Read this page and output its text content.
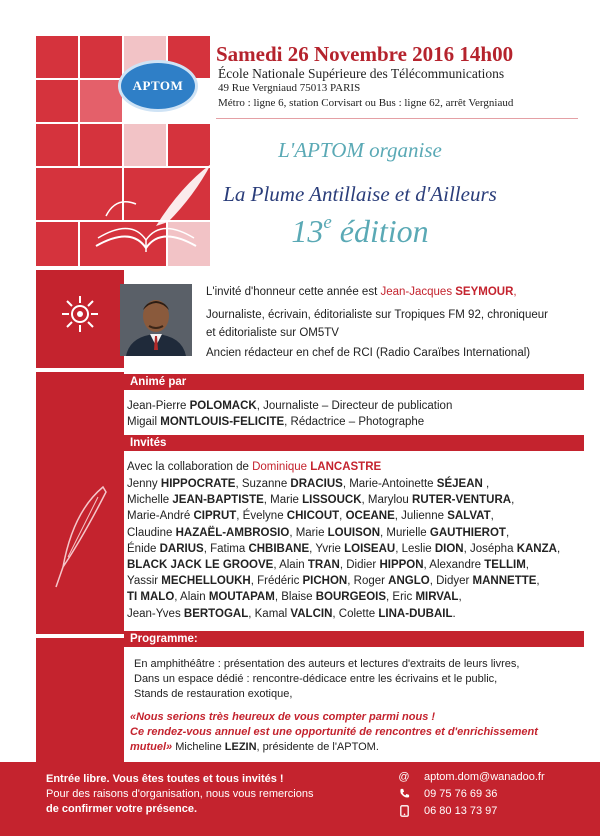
APTOM
Samedi 26 Novembre 2016 14h00
École Nationale Supérieure des Télécommunications
49 Rue Vergniaud 75013 PARIS
Métro : ligne 6, station Corvisart ou Bus : ligne 62, arrêt Vergniaud
L'APTOM organise
La Plume Antillaise et d'Ailleurs
13e édition
L'invité d'honneur cette année est Jean-Jacques SEYMOUR,
Journaliste, écrivain, éditorialiste sur Tropiques FM 92, chroniqueur
et éditorialiste sur OM5TV
Ancien rédacteur en chef de RCI (Radio Caraïbes International)
Animé par
Jean-Pierre POLOMACK, Journaliste – Directeur de publication
Migail MONTLOUIS-FELICITE, Rédactrice – Photographe
Invités
Avec la collaboration de Dominique LANCASTRE
Jenny HIPPOCRATE, Suzanne DRACIUS, Marie-Antoinette SÉJEAN ,
Michelle JEAN-BAPTISTE, Marie LISSOUCK, Marylou RUTER-VENTURA,
Marie-André CIPRUT, Évelyne CHICOUT, OCEANE, Julienne SALVAT,
Claudine HAZAËL-AMBROSIO, Marie LOUISON, Murielle GAUTHIEROT,
Énide DARIUS, Fatima CHBIBANE, Yvrie LOISEAU, Leslie DION, Josépha KANZA,
BLACK JACK LE GROOVE, Alain TRAN, Didier HIPPON, Alexandre TELLIM,
Yassir MECHELLOUKH, Frédéric PICHON, Roger ANGLO, Didyer MANNETTE,
TI MALO, Alain MOUTAPAM, Blaise BOURGEOIS, Eric MIRVAL,
Jean-Yves BERTOGAL, Kamal VALCIN, Colette LINA-DUBAIL.
Programme:
En amphithéâtre : présentation des auteurs et lectures d'extraits de leurs livres,
Dans un espace dédié : rencontre-dédicace entre les écrivains et le public,
Stands de restauration exotique,
«Nous serions très heureux de vous compter parmi nous !
Ce rendez-vous annuel est une opportunité de rencontres et d'enrichissement
mutuel» Micheline LEZIN, présidente de l'APTOM.
Entrée libre. Vous êtes toutes et tous invités !
Pour des raisons d'organisation, nous vous remercions
de confirmer votre présence.
@ aptom.dom@wanadoo.fr
09 75 76 69 36
06 80 13 73 97
